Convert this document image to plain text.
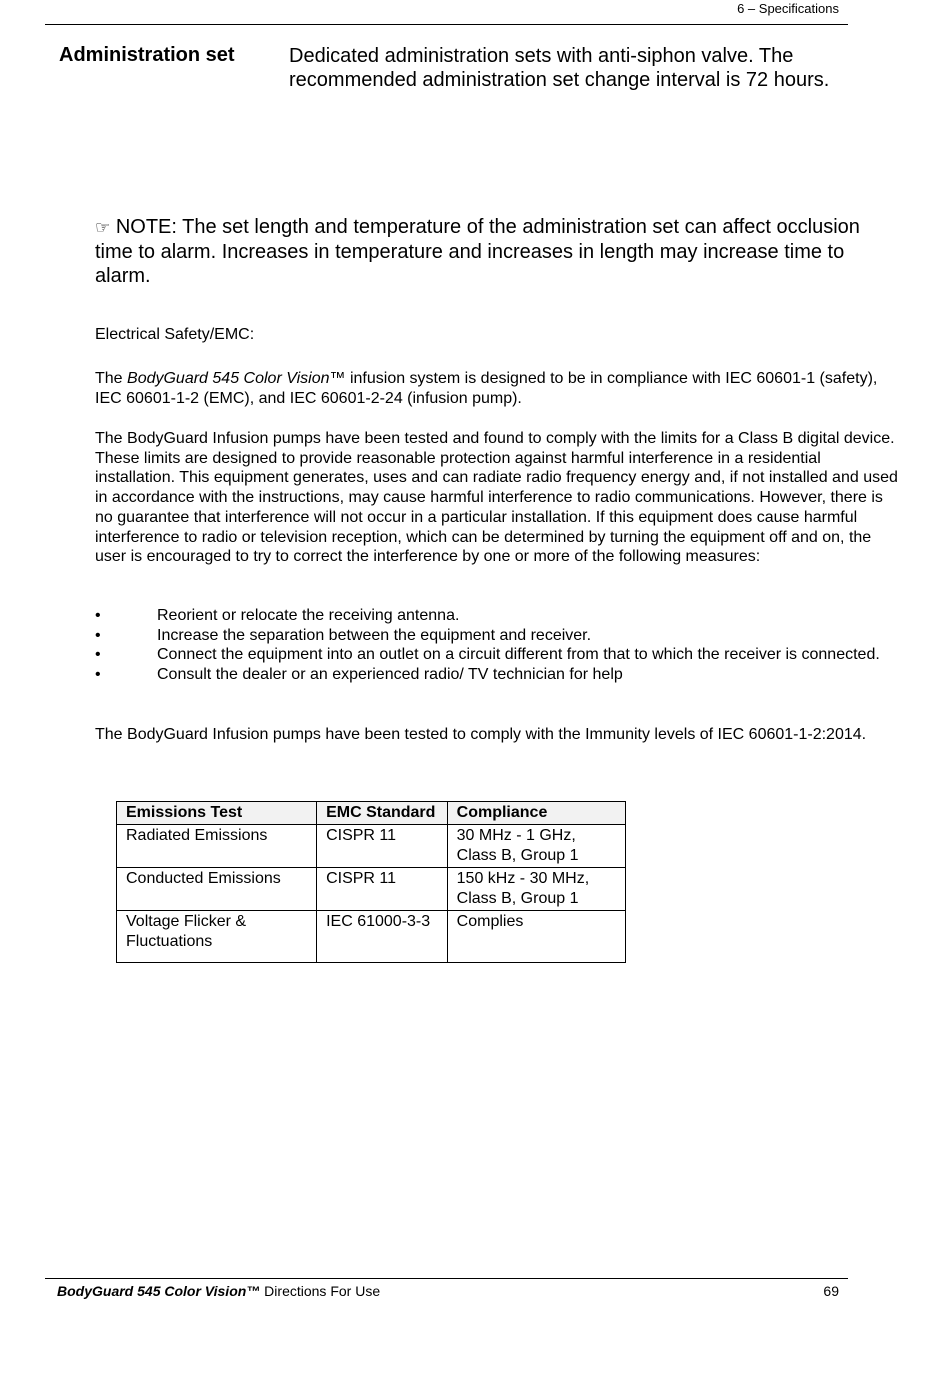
6 – Specifications
Administration set	Dedicated administration sets with anti-siphon valve. The recommended administration set change interval is 72 hours.
☞ NOTE: The set length and temperature of the administration set can affect occlusion time to alarm. Increases in temperature and increases in length may increase time to alarm.
Electrical Safety/EMC:
The BodyGuard 545 Color Vision™ infusion system is designed to be in compliance with IEC 60601-1 (safety), IEC 60601-1-2 (EMC), and IEC 60601-2-24 (infusion pump).
The BodyGuard Infusion pumps have been tested and found to comply with the limits for a Class B digital device. These limits are designed to provide reasonable protection against harmful interference in a residential installation. This equipment generates, uses and can radiate radio frequency energy and, if not installed and used in accordance with the instructions, may cause harmful interference to radio communications. However, there is no guarantee that interference will not occur in a particular installation. If this equipment does cause harmful interference to radio or television reception, which can be determined by turning the equipment off and on, the user is encouraged to try to correct the interference by one or more of the following measures:
•	Reorient or relocate the receiving antenna.
•	Increase the separation between the equipment and receiver.
•	Connect the equipment into an outlet on a circuit different from that to which the receiver is connected.
•	Consult the dealer or an experienced radio/ TV technician for help
The BodyGuard Infusion pumps have been tested to comply with the Immunity levels of IEC 60601-1-2:2014.
Emissions Test	EMC Standard	Compliance
Radiated Emissions	CISPR 11	30 MHz - 1 GHz, Class B, Group 1
Conducted Emissions	CISPR 11	150 kHz - 30 MHz, Class B, Group 1
Voltage Flicker & Fluctuations	IEC 61000-3-3	Complies
BodyGuard 545 Color Vision™ Directions For Use	69
